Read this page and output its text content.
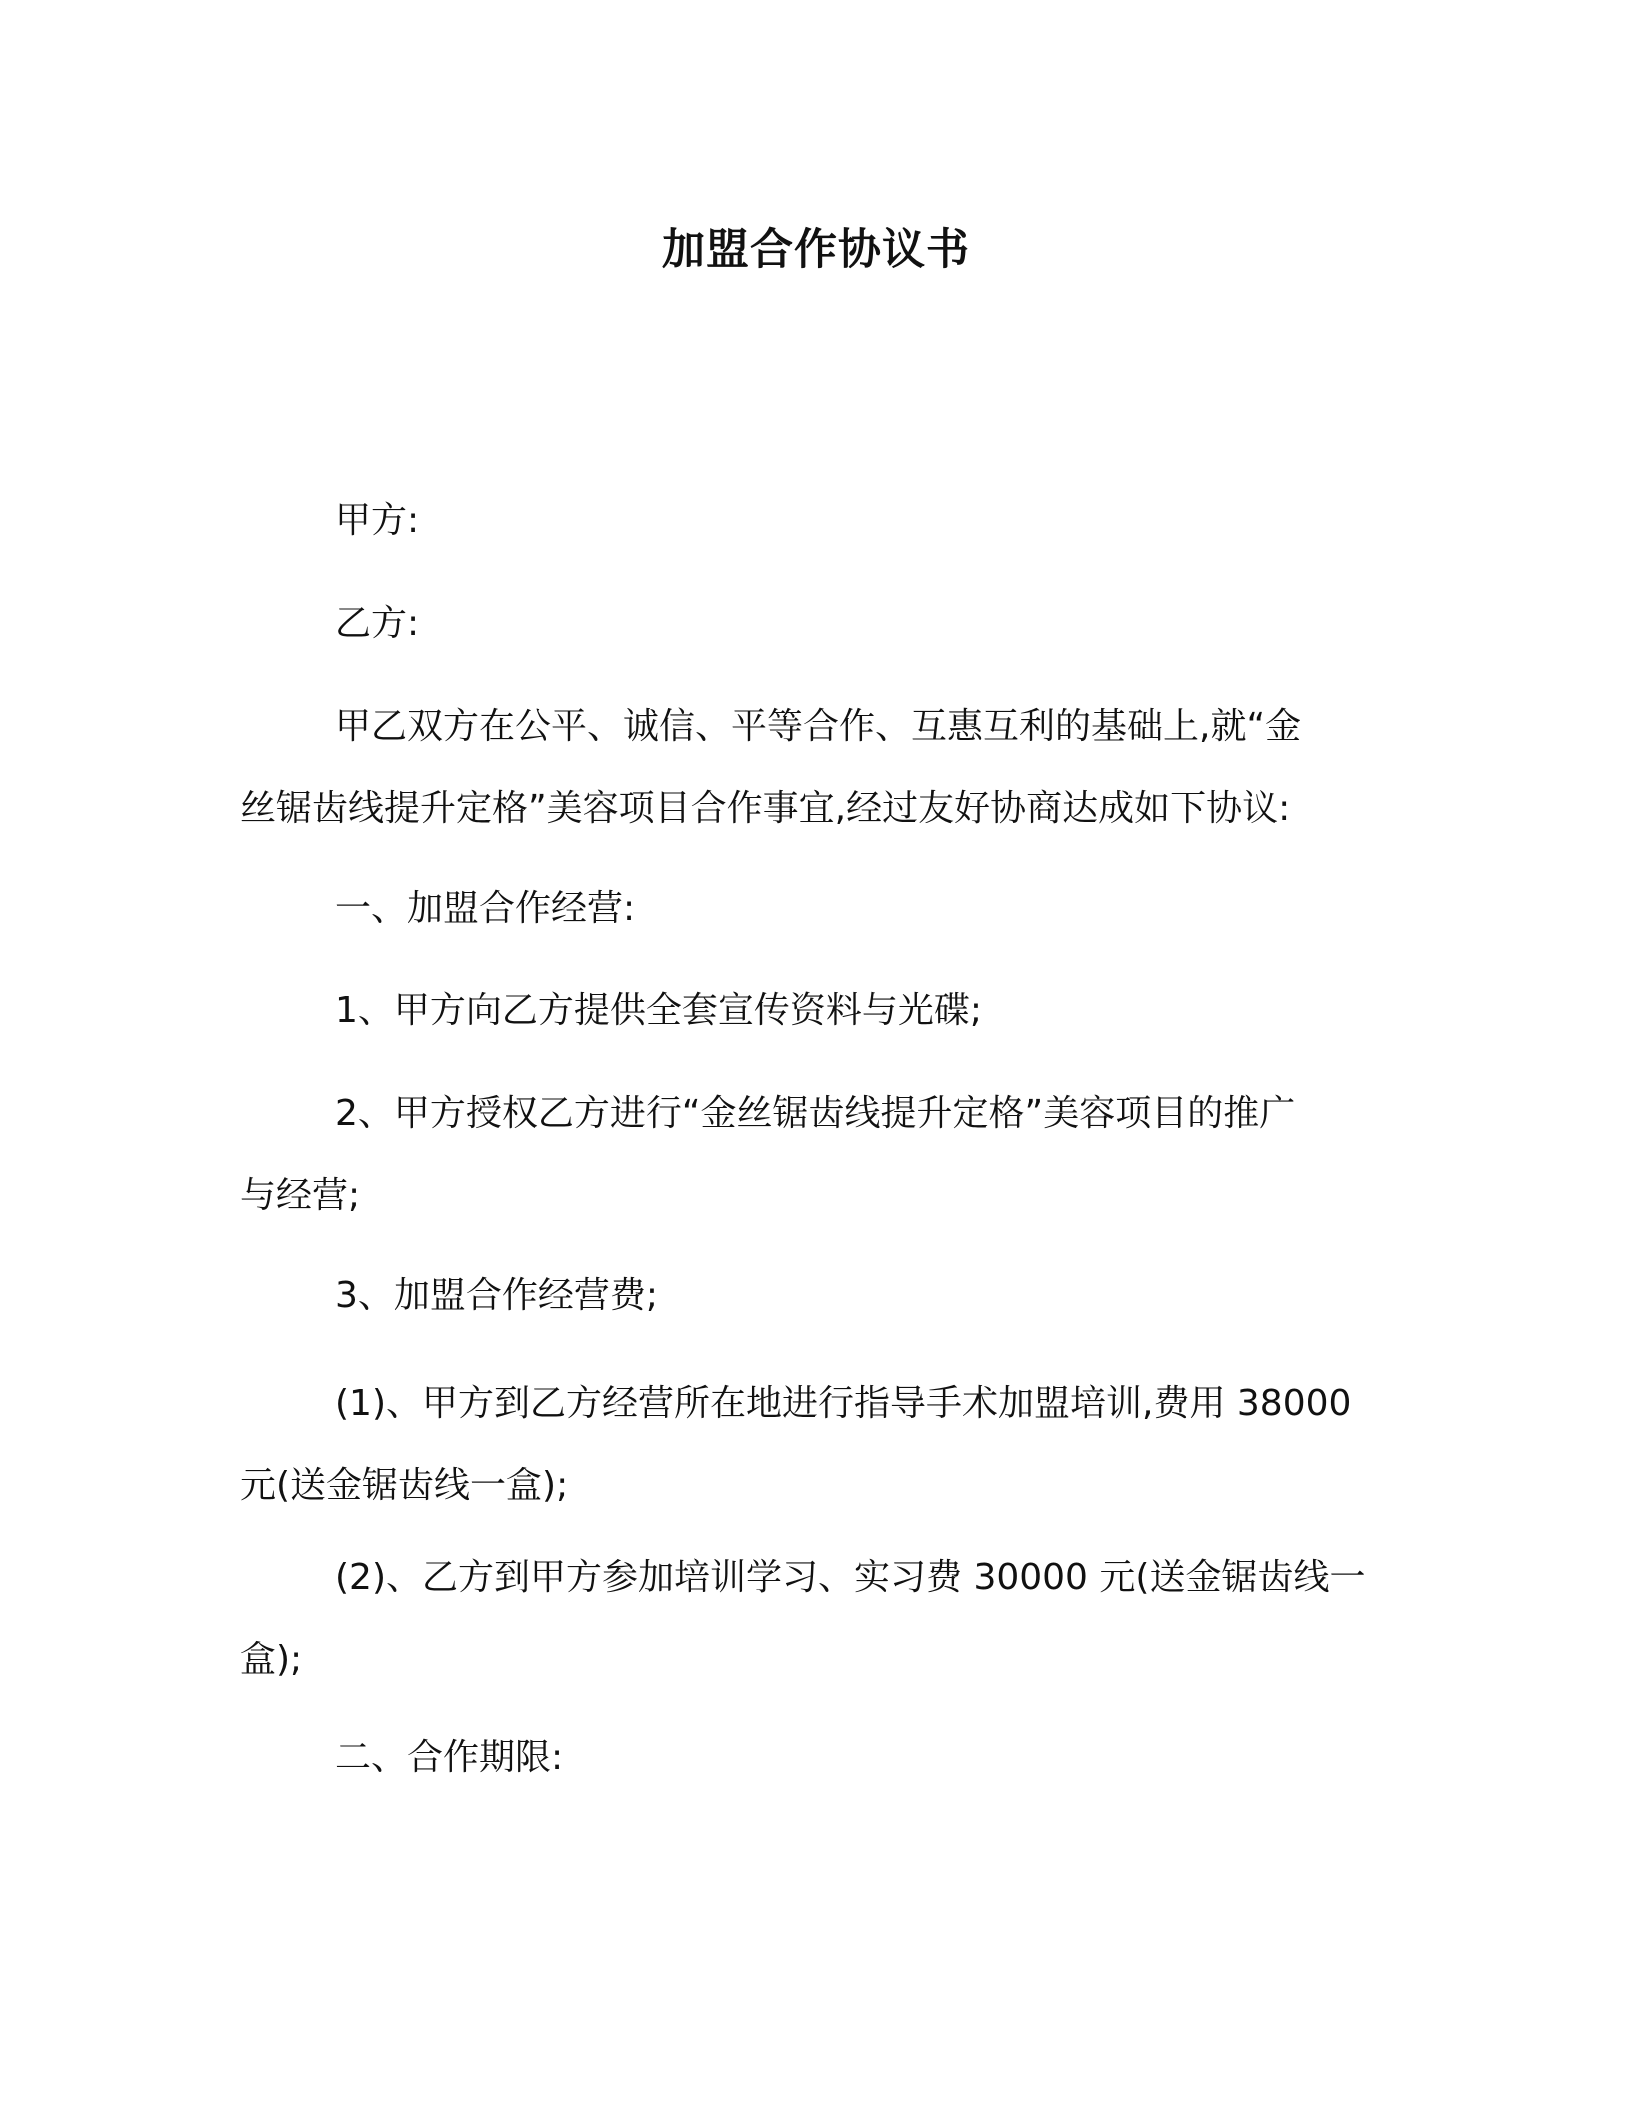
加盟合作协议书
甲方:
乙方:
甲乙双方在公平、诚信、平等合作、互惠互利的基础上,就“金
丝锯齿线提升定格”美容项目合作事宜,经过友好协商达成如下协议:
一、加盟合作经营:
1、甲方向乙方提供全套宣传资料与光碟;
2、甲方授权乙方进行“金丝锯齿线提升定格”美容项目的推广
与经营;
3、加盟合作经营费;
(1)、甲方到乙方经营所在地进行指导手术加盟培训,费用 38000
元(送金锯齿线一盒);
(2)、乙方到甲方参加培训学习、实习费 30000 元(送金锯齿线一
盒);
二、合作期限:
